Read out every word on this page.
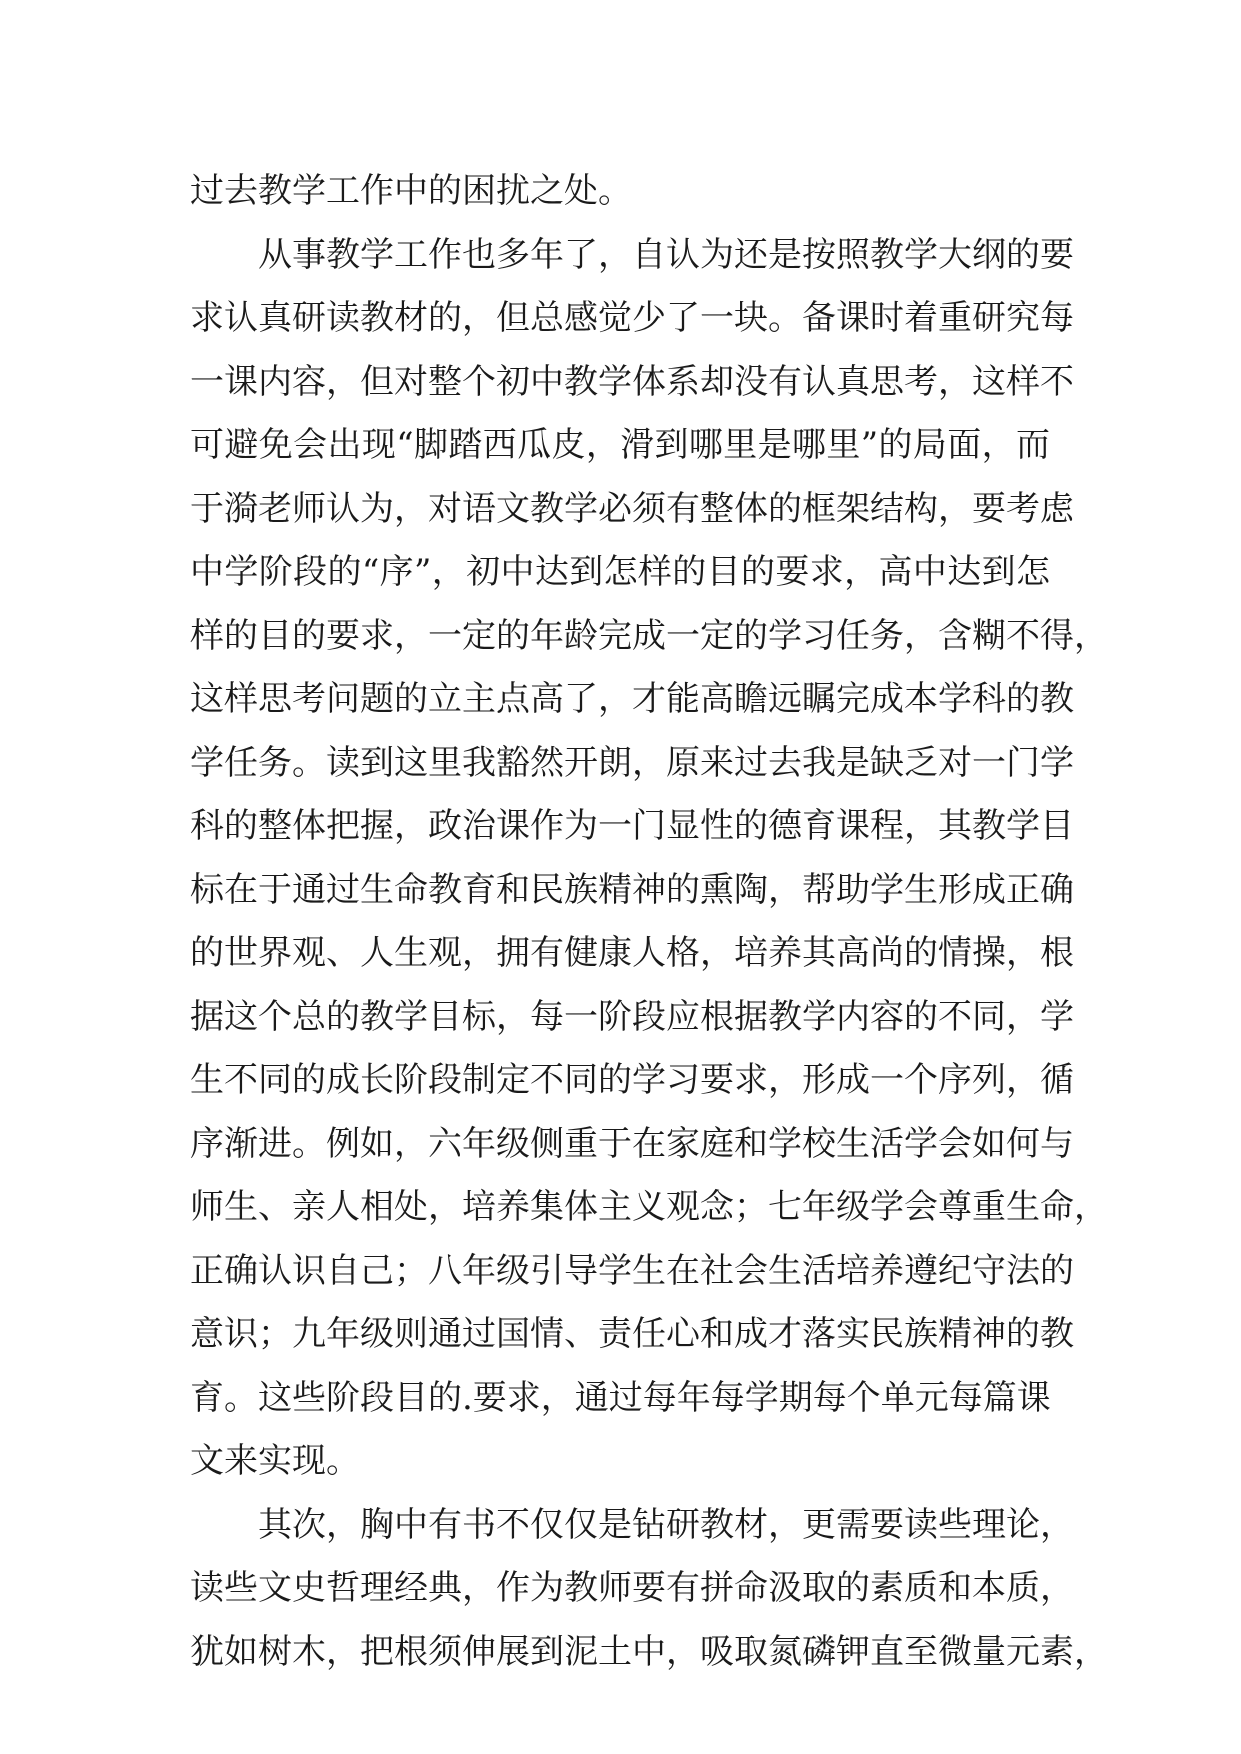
过去教学工作中的困扰之处。
从事教学工作也多年了，自认为还是按照教学大纲的要
求认真研读教材的，但总感觉少了一块。备课时着重研究每
一课内容，但对整个初中教学体系却没有认真思考，这样不
可避免会出现“脚踏西瓜皮，滑到哪里是哪里”的局面，而
于漪老师认为，对语文教学必须有整体的框架结构，要考虑
中学阶段的“序”，初中达到怎样的目的要求，高中达到怎
样的目的要求，一定的年龄完成一定的学习任务，含糊不得，
这样思考问题的立主点高了，才能高瞻远瞩完成本学科的教
学任务。读到这里我豁然开朗，原来过去我是缺乏对一门学
科的整体把握，政治课作为一门显性的德育课程，其教学目
标在于通过生命教育和民族精神的熏陶，帮助学生形成正确
的世界观、人生观，拥有健康人格，培养其高尚的情操，根
据这个总的教学目标，每一阶段应根据教学内容的不同，学
生不同的成长阶段制定不同的学习要求，形成一个序列，循
序渐进。例如，六年级侧重于在家庭和学校生活学会如何与
师生、亲人相处，培养集体主义观念；七年级学会尊重生命，
正确认识自己；八年级引导学生在社会生活培养遵纪守法的
意识；九年级则通过国情、责任心和成才落实民族精神的教
育。这些阶段目的.要求，通过每年每学期每个单元每篇课
文来实现。
其次，胸中有书不仅仅是钻研教材，更需要读些理论，
读些文史哲理经典，作为教师要有拼命汲取的素质和本质，
犹如树木，把根须伸展到泥土中，吸取氮磷钾直至微量元素，
